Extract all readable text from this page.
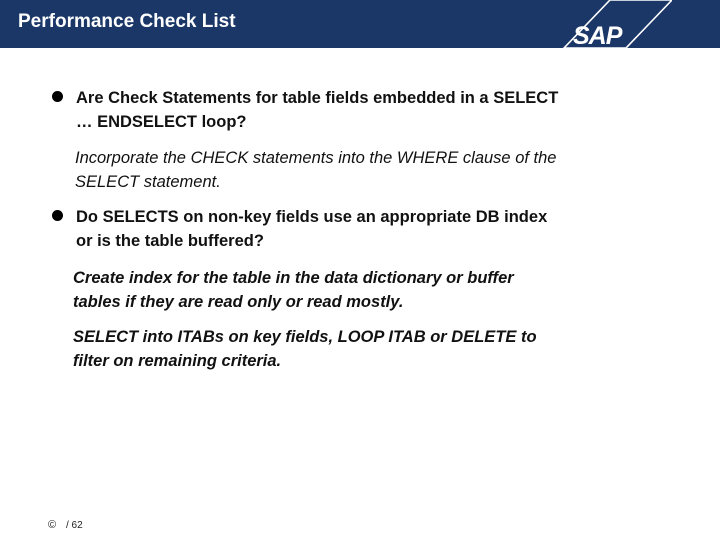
Performance Check List
SAP
Are Check Statements for table fields embedded in a SELECT
… ENDSELECT loop?
Incorporate the CHECK statements into the WHERE clause of the
SELECT statement.
Do SELECTS on non-key fields use an appropriate DB index
or is the table buffered?
Create index for the table in the data dictionary or buffer
tables if they are read only or read mostly.
SELECT into ITABs on key fields, LOOP ITAB or DELETE to
filter on remaining criteria.
© / 62
